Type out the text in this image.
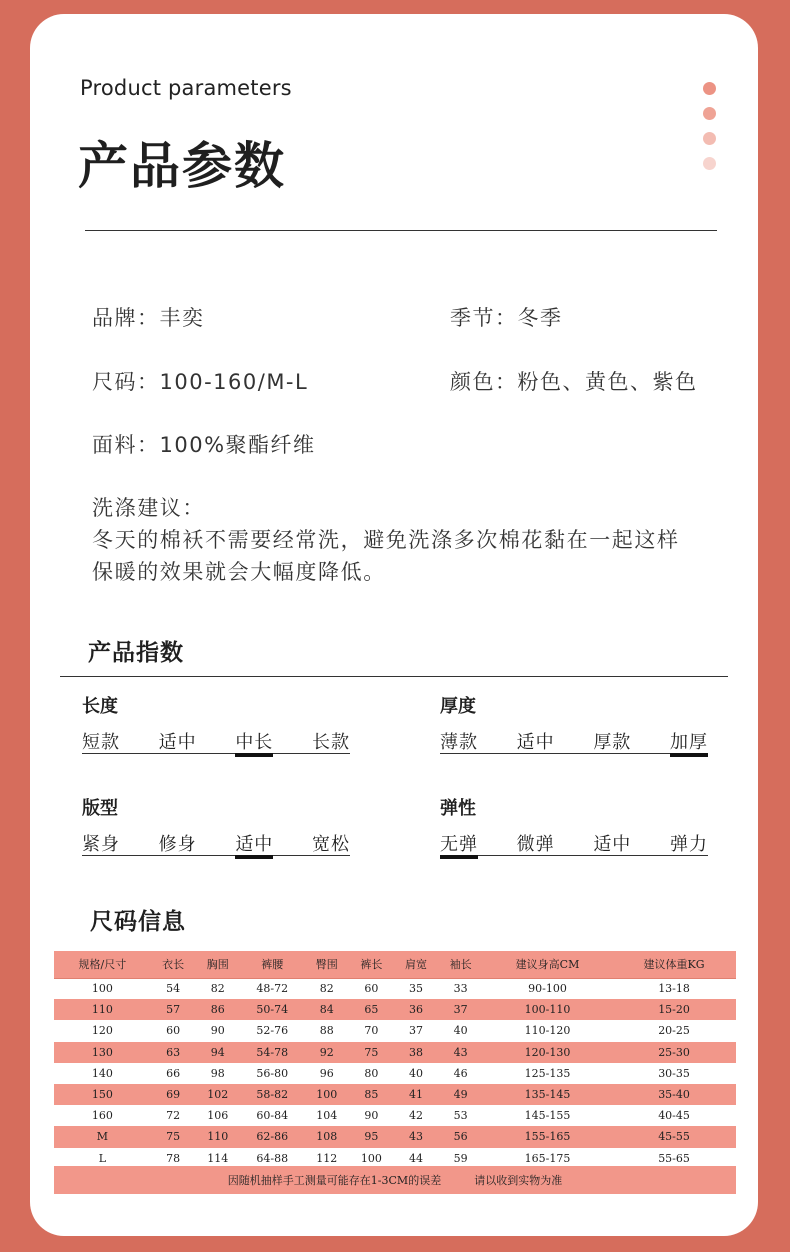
Product parameters
产品参数
品牌：丰奕	季节：冬季
尺码：100-160/M-L	颜色：粉色、黄色、紫色
面料：100%聚酯纤维
洗涤建议：
冬天的棉袄不需要经常洗，避免洗涤多次棉花黏在一起这样
保暖的效果就会大幅度降低。
产品指数
长度
短款 适中 中长 长款
厚度
薄款 适中 厚款 加厚
版型
紧身 修身 适中 宽松
弹性
无弹 微弹 适中 弹力
尺码信息
规格/尺寸	衣长	胸围	裤腰	臀围	裤长	肩宽	袖长	建议身高CM	建议体重KG
100	54	82	48-72	82	60	35	33	90-100	13-18
110	57	86	50-74	84	65	36	37	100-110	15-20
120	60	90	52-76	88	70	37	40	110-120	20-25
130	63	94	54-78	92	75	38	43	120-130	25-30
140	66	98	56-80	96	80	40	46	125-135	30-35
150	69	102	58-82	100	85	41	49	135-145	35-40
160	72	106	60-84	104	90	42	53	145-155	40-45
M	75	110	62-86	108	95	43	56	155-165	45-55
L	78	114	64-88	112	100	44	59	165-175	55-65
因随机抽样手工测量可能存在1-3CM的误差　　　请以收到实物为准
